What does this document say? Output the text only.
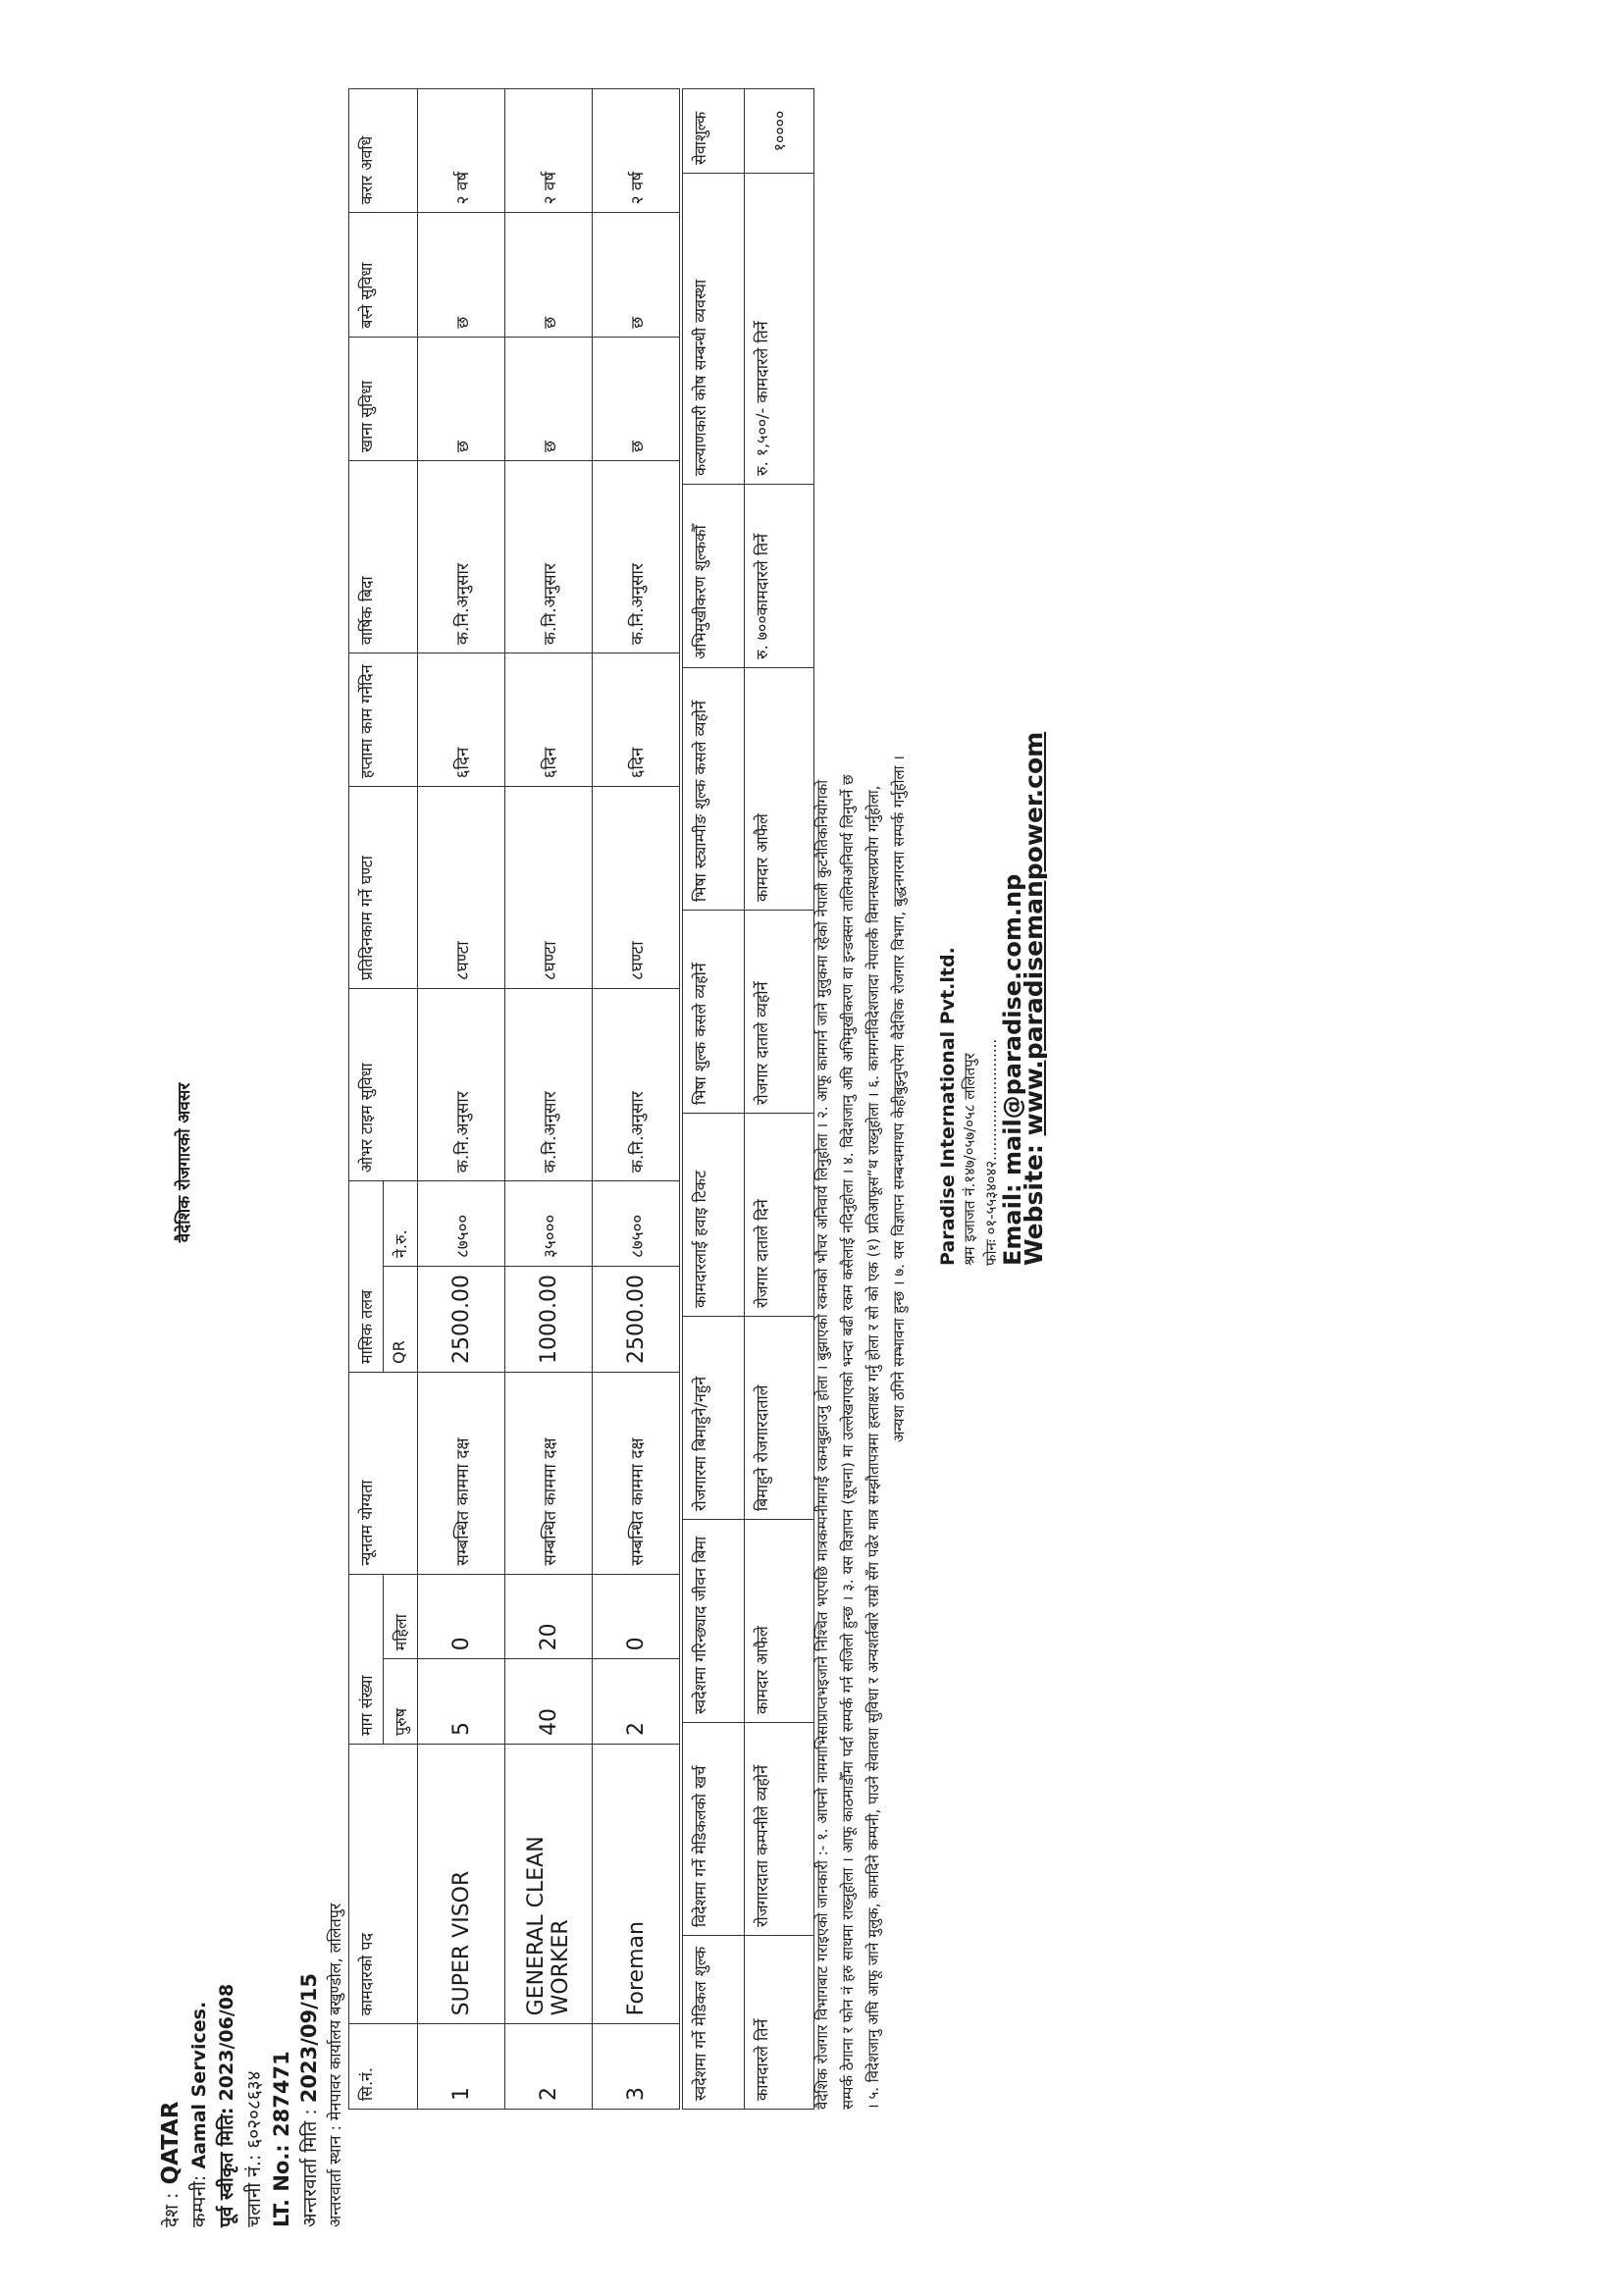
वैदेशिक रोजगारको अवसर
देश : QATAR
कम्पनी: Aamal Services. पूर्व स्वीकृत मिति: 2023/06/08
चलानी नं.: ६०२०८६३४
LT. No.: 287471
अन्तरवार्ता मिति : 2023/09/15 अन्तरवार्ता स्थान : मेनपावर कार्यालय बखुण्डोल, ललितपुर सि.नं.	कामदारको पद	माग संख्या		न्यूनतम योग्यता	मासिक तलब		ओभर टाइम सुविधा	प्रतिदिनकाम गर्ने घण्टा	हप्तामा काम गर्नेदिन	वार्षिक बिदा	खाना सुविधा	बस्ने सुविधा	करार अवधि
		पुरुष	महिला		QR	ने.रु.							
1	SUPER VISOR	5	0	सम्बन्धित काममा दक्ष	2500.00	८७५००	क.नि.अनुसार	८घण्टा	६दिन	क.नि.अनुसार	छ	छ	२ वर्ष
2	GENERAL CLEAN WORKER	40	20	सम्बन्धित काममा दक्ष	1000.00	३५०००	क.नि.अनुसार	८घण्टा	६दिन	क.नि.अनुसार	छ	छ	२ वर्ष
3	Foreman	2	0	सम्बन्धित काममा दक्ष	2500.00	८७५००	क.नि.अनुसार	८घण्टा	६दिन	क.नि.अनुसार	छ	छ	२ वर्ष
स्वदेशमा गर्ने मेडिकल शुल्क	विदेशमा गर्ने मेडिकलको खर्च	स्वदेशमा गरिन्छ्याद जीवन बिमा	रोजगारमा बिमाहुने/नहुने	कामदारलाई हवाइ टिकट	भिषा शुल्क कसले व्यहोर्ने	भिषा स्ट्याम्पीङ शुल्क कसले व्यहोर्ने	अभिमुखीकरण शुल्ककाैँ	कल्याणकारी कोष सम्बन्धी व्यवस्था	सेवाशुल्क
कामदारले तिर्ने	रोजगारदाता कम्पनीले व्यहोर्ने	कामदार आफैले	बिमाहुने रोजगारदाताले	रोजगार दाताले दिने	रोजगार दाताले व्यहोर्ने	कामदार आफैले	रु. ७००कामदारले तिर्ने	रु. १,५००/- कामदारले तिर्ने	१००००
वैदेशिक रोजगार विभागबाट गराइएको जानकारी :- १. आफ्नो नाममाभिसाप्राप्तभइजाने निश्चित भएपछि मात्रकम्पनीमागई रकमबुझाउनु होला । बुझाएको रकमको भौचर अनिवार्य लिनुहोला । २. आफू कामगर्न जाने मुलुकमा रहेको नेपाली कुटनैतिकनियोगको सम्पर्क ठेगाना र फोन नं हरु साथमा राख्नुहोला । आफू काठमाडौँमा पर्दा सम्पर्क गर्न सजिलो हुन्छ । ३. यस विज्ञापन (सूचना) मा उल्लेखगएको भन्दा बढी रकम कसैलाई नदिनुहोला । ४. विदेशजानु अघि अभिमुखीकरण वा इन्डक्सन तालिमअनिवार्य लिनुपर्ने छ । ५. विदेशजानु अघि आफू जाने मुलुक, कामदिने कम्पनी, पाउने सेवातथा सुविधा र अन्यशर्तबारे राम्रो सँग पढेर मात्र सम्झौतापत्रमा हस्ताक्षर गर्नु होला र सो को एक (१) प्रतिआफूस“थ राख्नुहोला । ६. कामगर्नविदेशजादा नेपालकै विमानस्थलप्रयोग गर्नुहोला, अन्यथा ठगिने सम्भावना हुन्छ । ७. यस विज्ञापन सम्बन्धमाथप केहीबुझ्नुपरेमा वैदेशिक रोजगार विभाग, बुद्धनगरमा सम्पर्क गर्नुहोला । Paradise International Pvt.ltd. श्रम इजाजत नं.१४७/०५७/०५८ ललितपुर फोनः ०१-५५३४०४२.......................... Email: mail@paradise.com.np
Website: www.paradisemanpower.com
